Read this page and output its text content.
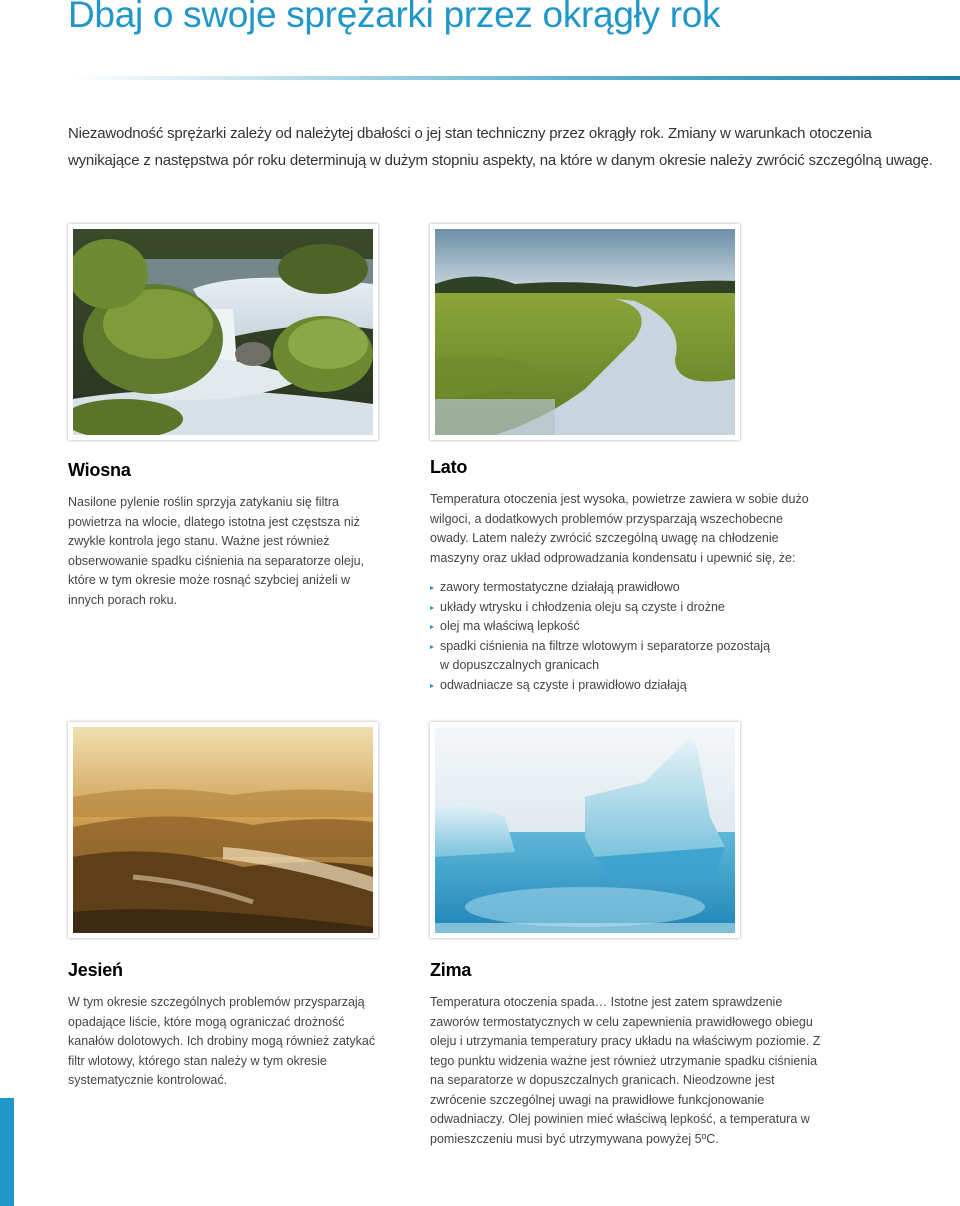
Dbaj o swoje sprężarki przez okrągły rok

Niezawodność sprężarki zależy od należytej dbałości o jej stan techniczny przez okrągły rok. Zmiany w warunkach otoczenia wynikające z następstwa pór roku determinują w dużym stopniu aspekty, na które w danym okresie należy zwrócić szczególną uwagę.

Wiosna

Nasilone pylenie roślin sprzyja zatykaniu się filtra powietrza na wlocie, dlatego istotna jest częstsza niż zwykle kontrola jego stanu. Ważne jest również obserwowanie spadku ciśnienia na separatorze oleju, które w tym okresie może rosnąć szybciej aniżeli w innych porach roku.

Lato

Temperatura otoczenia jest wysoka, powietrze zawiera w sobie dużo wilgoci, a dodatkowych problemów przysparzają wszechobecne owady. Latem należy zwrócić szczególną uwagę na chłodzenie maszyny oraz układ odprowadzania kondensatu i upewnić się, że:

zawory termostatyczne działają prawidłowo
układy wtrysku i chłodzenia oleju są czyste i drożne
olej ma właściwą lepkość
spadki ciśnienia na filtrze wlotowym i separatorze pozostają w dopuszczalnych granicach
odwadniacze są czyste i prawidłowo działają
Jesień

W tym okresie szczególnych problemów przysparzają opadające liście, które mogą ograniczać drożność kanałów dolotowych. Ich drobiny mogą również zatykać filtr wlotowy, którego stan należy w tym okresie systematycznie kontrolować.

Zima

Temperatura otoczenia spada… Istotne jest zatem sprawdzenie zaworów termostatycznych w celu zapewnienia prawidłowego obiegu oleju i utrzymania temperatury pracy układu na właściwym poziomie. Z tego punktu widzenia ważne jest również utrzymanie spadku ciśnienia na separatorze w dopuszczalnych granicach. Nieodzowne jest zwrócenie szczególnej uwagi na prawidłowe funkcjonowanie odwadniaczy. Olej powinien mieć właściwą lepkość, a temperatura w pomieszczeniu musi być utrzymywana powyżej 5ºC.
